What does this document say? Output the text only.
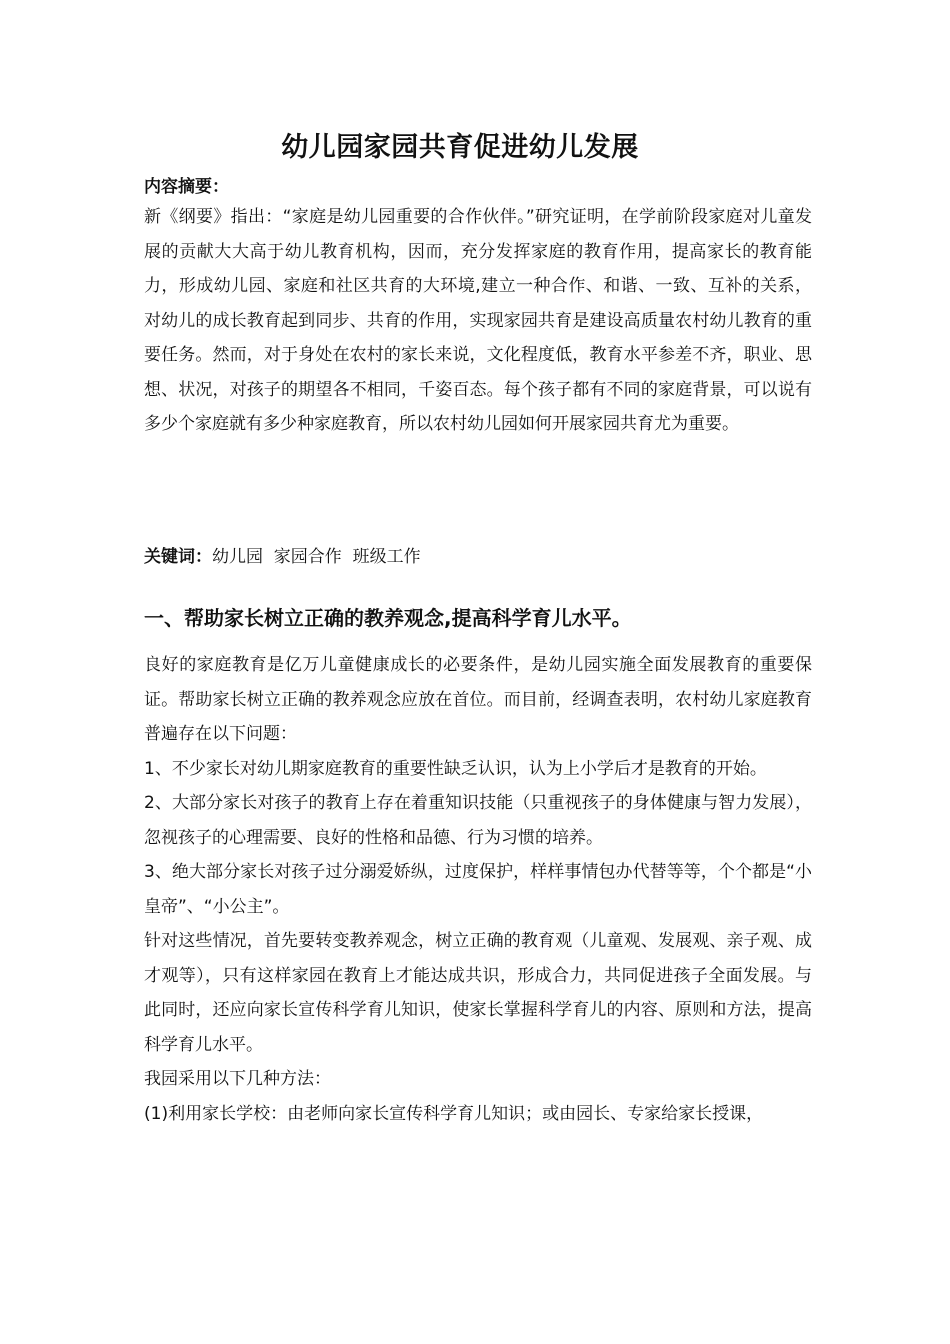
幼儿园家园共育促进幼儿发展
内容摘要：

新《纲要》指出：“家庭是幼儿园重要的合作伙伴。”研究证明，在学前阶段家庭对儿童发展的贡献大大高于幼儿教育机构，因而，充分发挥家庭的教育作用，提高家长的教育能力，形成幼儿园、家庭和社区共育的大环境,建立一种合作、和谐、一致、互补的关系，对幼儿的成长教育起到同步、共育的作用，实现家园共育是建设高质量农村幼儿教育的重要任务。然而，对于身处在农村的家长来说，文化程度低，教育水平参差不齐，职业、思想、状况，对孩子的期望各不相同，千姿百态。每个孩子都有不同的家庭背景，可以说有多少个家庭就有多少种家庭教育，所以农村幼儿园如何开展家园共育尤为重要。

关键词：幼儿园  家园合作  班级工作
一、帮助家长树立正确的教养观念,提高科学育儿水平。

良好的家庭教育是亿万儿童健康成长的必要条件，是幼儿园实施全面发展教育的重要保证。帮助家长树立正确的教养观念应放在首位。而目前，经调查表明，农村幼儿家庭教育普遍存在以下问题：

1、不少家长对幼儿期家庭教育的重要性缺乏认识，认为上小学后才是教育的开始。

2、大部分家长对孩子的教育上存在着重知识技能（只重视孩子的身体健康与智力发展），忽视孩子的心理需要、良好的性格和品德、行为习惯的培养。

3、绝大部分家长对孩子过分溺爱娇纵，过度保护，样样事情包办代替等等，个个都是“小皇帝”、“小公主”。

针对这些情况，首先要转变教养观念，树立正确的教育观（儿童观、发展观、亲子观、成才观等），只有这样家园在教育上才能达成共识，形成合力，共同促进孩子全面发展。与此同时，还应向家长宣传科学育儿知识，使家长掌握科学育儿的内容、原则和方法，提高科学育儿水平。

我园采用以下几种方法：

(1)利用家长学校：由老师向家长宣传科学育儿知识；或由园长、专家给家长授课，
